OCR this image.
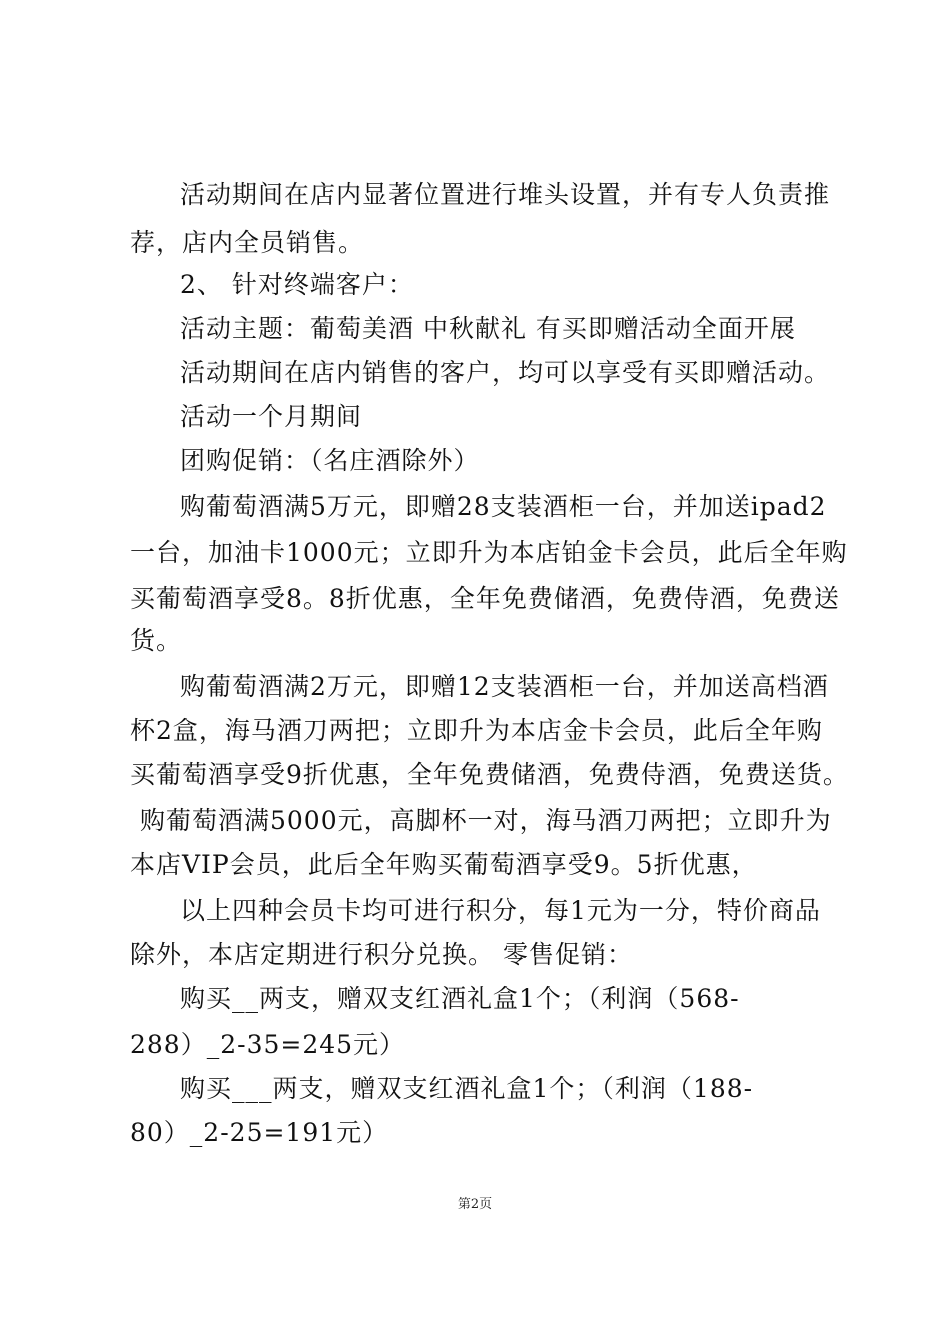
活动期间在店内显著位置进行堆头设置，并有专人负责推
荐，店内全员销售。
2、 针对终端客户：
活动主题：葡萄美酒 中秋献礼 有买即赠活动全面开展
活动期间在店内销售的客户，均可以享受有买即赠活动。
活动一个月期间
团购促销：（名庄酒除外）
购葡萄酒满5万元，即赠28支装酒柜一台，并加送ipad2
一台，加油卡1000元；立即升为本店铂金卡会员，此后全年购
买葡萄酒享受8。8折优惠，全年免费储酒，免费侍酒，免费送
货。
购葡萄酒满2万元，即赠12支装酒柜一台，并加送高档酒
杯2盒，海马酒刀两把；立即升为本店金卡会员，此后全年购
买葡萄酒享受9折优惠，全年免费储酒，免费侍酒，免费送货。
购葡萄酒满5000元，高脚杯一对，海马酒刀两把；立即升为
本店VIP会员，此后全年购买葡萄酒享受9。5折优惠，
以上四种会员卡均可进行积分，每1元为一分，特价商品
除外，本店定期进行积分兑换。 零售促销：
购买__两支，赠双支红酒礼盒1个；（利润（568-
288）_2-35=245元）
购买___两支，赠双支红酒礼盒1个；（利润（188-
80）_2-25=191元）
第2页
